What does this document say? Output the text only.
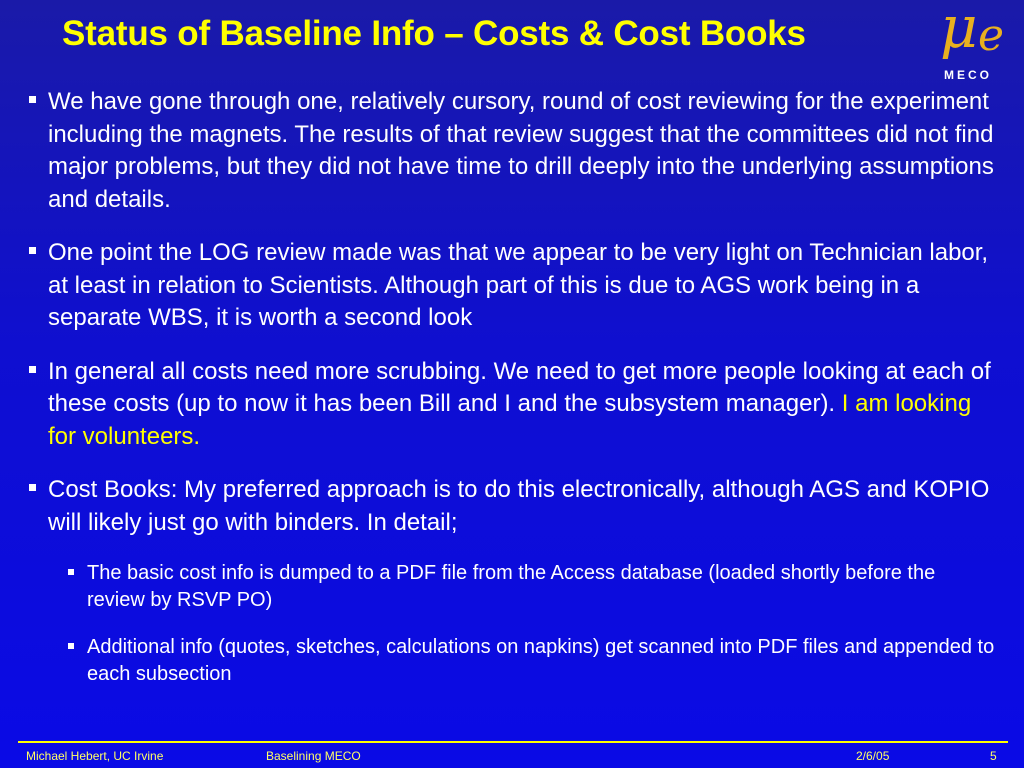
Status of Baseline Info – Costs & Cost Books μ e
MECO
We have gone through one, relatively cursory, round of cost reviewing for the experiment including the magnets. The results of that review suggest that the committees did not find major problems, but they did not have time to drill deeply into the underlying assumptions and details.
One point the LOG review made was that we appear to be very light on Technician labor, at least in relation to Scientists. Although part of this is due to AGS work being in a separate WBS, it is worth a second look
In general all costs need more scrubbing. We need to get more people looking at each of these costs (up to now it has been Bill and I and the subsystem manager). I am looking for volunteers.
Cost Books: My preferred approach is to do this electronically, although AGS and KOPIO will likely just go with binders. In detail;
The basic cost info is dumped to a PDF file from the Access database (loaded shortly before the review by RSVP PO)
Additional info (quotes, sketches, calculations on napkins) get scanned into PDF files and appended to each subsection
Michael Hebert, UC Irvine	Baselining MECO	2/6/05	5
